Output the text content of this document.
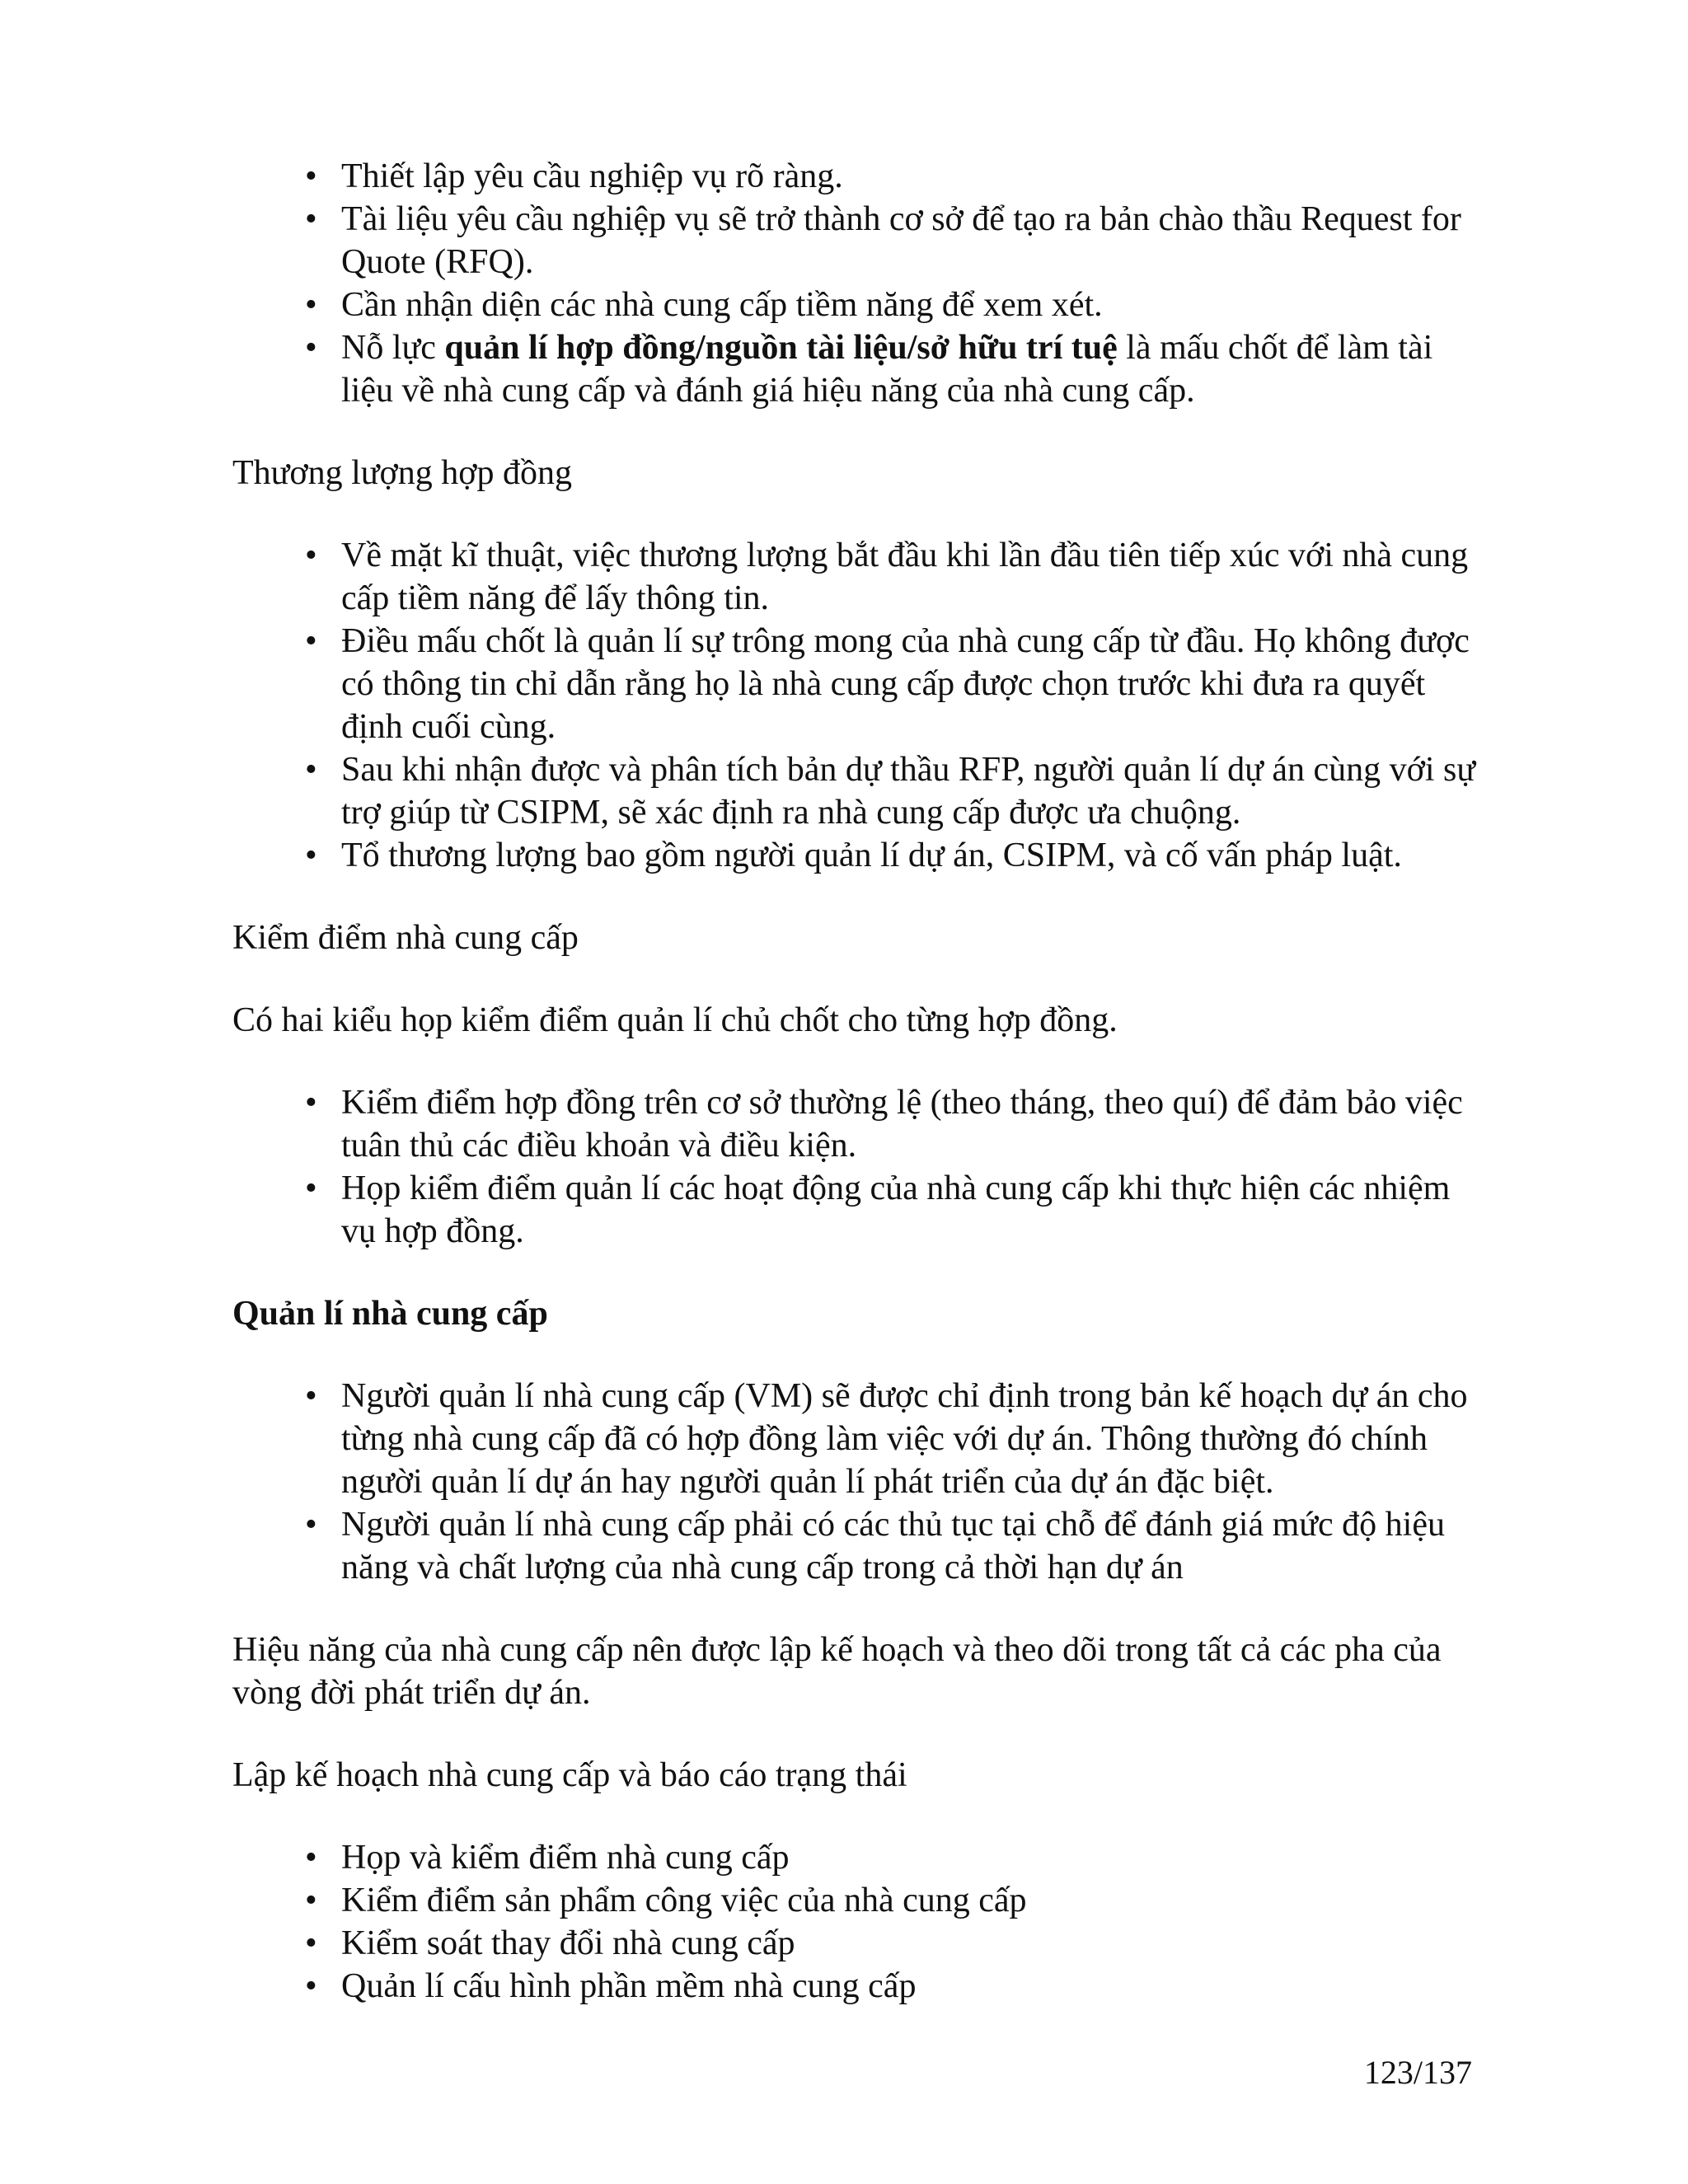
• Thiết lập yêu cầu nghiệp vụ rõ ràng.
• Tài liệu yêu cầu nghiệp vụ sẽ trở thành cơ sở để tạo ra bản chào thầu Request for Quote (RFQ).
• Cần nhận diện các nhà cung cấp tiềm năng để xem xét.
• Nỗ lực quản lí hợp đồng/nguồn tài liệu/sở hữu trí tuệ là mấu chốt để làm tài liệu về nhà cung cấp và đánh giá hiệu năng của nhà cung cấp.

Thương lượng hợp đồng

• Về mặt kĩ thuật, việc thương lượng bắt đầu khi lần đầu tiên tiếp xúc với nhà cung cấp tiềm năng để lấy thông tin.
• Điều mấu chốt là quản lí sự trông mong của nhà cung cấp từ đầu. Họ không được có thông tin chỉ dẫn rằng họ là nhà cung cấp được chọn trước khi đưa ra quyết định cuối cùng.
• Sau khi nhận được và phân tích bản dự thầu RFP, người quản lí dự án cùng với sự trợ giúp từ CSIPM, sẽ xác định ra nhà cung cấp được ưa chuộng.
• Tổ thương lượng bao gồm người quản lí dự án, CSIPM, và cố vấn pháp luật.

Kiểm điểm nhà cung cấp

Có hai kiểu họp kiểm điểm quản lí chủ chốt cho từng hợp đồng.

• Kiểm điểm hợp đồng trên cơ sở thường lệ (theo tháng, theo quí) để đảm bảo việc tuân thủ các điều khoản và điều kiện.
• Họp kiểm điểm quản lí các hoạt động của nhà cung cấp khi thực hiện các nhiệm vụ hợp đồng.

Quản lí nhà cung cấp

• Người quản lí nhà cung cấp (VM) sẽ được chỉ định trong bản kế hoạch dự án cho từng nhà cung cấp đã có hợp đồng làm việc với dự án. Thông thường đó chính người quản lí dự án hay người quản lí phát triển của dự án đặc biệt.
• Người quản lí nhà cung cấp phải có các thủ tục tại chỗ để đánh giá mức độ hiệu năng và chất lượng của nhà cung cấp trong cả thời hạn dự án

Hiệu năng của nhà cung cấp nên được lập kế hoạch và theo dõi trong tất cả các pha của vòng đời phát triển dự án.

Lập kế hoạch nhà cung cấp và báo cáo trạng thái

• Họp và kiểm điểm nhà cung cấp
• Kiểm điểm sản phẩm công việc của nhà cung cấp
• Kiểm soát thay đổi nhà cung cấp
• Quản lí cấu hình phần mềm nhà cung cấp
123/137
